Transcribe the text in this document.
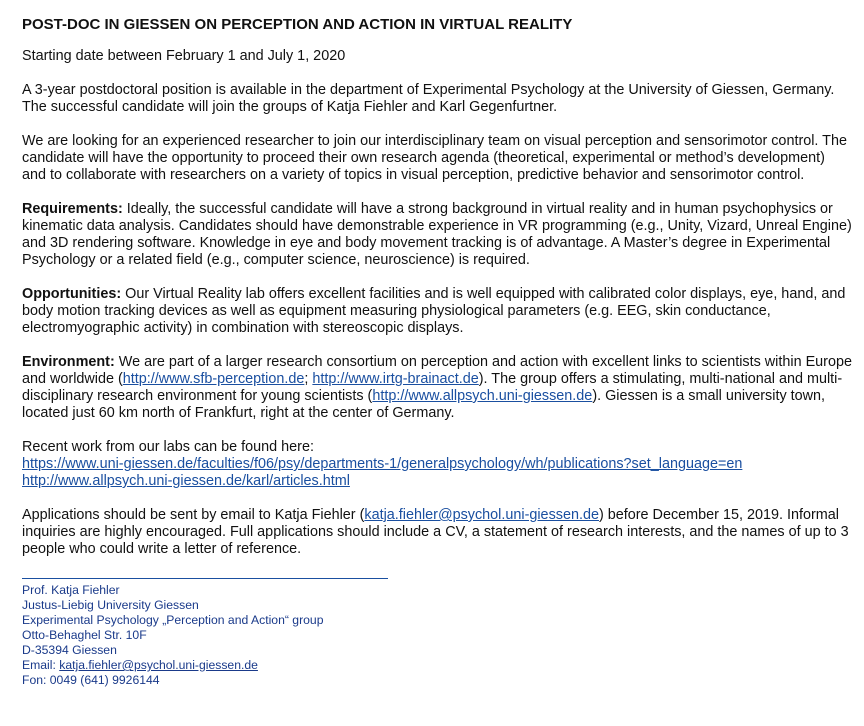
POST-DOC IN GIESSEN ON PERCEPTION AND ACTION IN VIRTUAL REALITY

Starting date between February 1 and July 1, 2020

A 3-year postdoctoral position is available in the department of Experimental Psychology at the University of Giessen, Germany. The successful candidate will join the groups of Katja Fiehler and Karl Gegenfurtner.

We are looking for an experienced researcher to join our interdisciplinary team on visual perception and sensorimotor control. The candidate will have the opportunity to proceed their own research agenda (theoretical, experimental or method’s development) and to collaborate with researchers on a variety of topics in visual perception, predictive behavior and sensorimotor control.

Requirements: Ideally, the successful candidate will have a strong background in virtual reality and in human psychophysics or kinematic data analysis. Candidates should have demonstrable experience in VR programming (e.g., Unity, Vizard, Unreal Engine) and 3D rendering software. Knowledge in eye and body movement tracking is of advantage. A Master’s degree in Experimental Psychology or a related field (e.g., computer science, neuroscience) is required.

Opportunities: Our Virtual Reality lab offers excellent facilities and is well equipped with calibrated color displays, eye, hand, and body motion tracking devices as well as equipment measuring physiological parameters (e.g. EEG, skin conductance, electromyographic activity) in combination with stereoscopic displays.

Environment: We are part of a larger research consortium on perception and action with excellent links to scientists within Europe and worldwide (http://www.sfb-perception.de; http://www.irtg-brainact.de). The group offers a stimulating, multi-national and multi-disciplinary research environment for young scientists (http://www.allpsych.uni-giessen.de). Giessen is a small university town, located just 60 km north of Frankfurt, right at the center of Germany.

Recent work from our labs can be found here:
https://www.uni-giessen.de/faculties/f06/psy/departments-1/generalpsychology/wh/publications?set_language=en
http://www.allpsych.uni-giessen.de/karl/articles.html

Applications should be sent by email to Katja Fiehler (katja.fiehler@psychol.uni-giessen.de) before December 15, 2019. Informal inquiries are highly encouraged. Full applications should include a CV, a statement of research interests, and the names of up to 3 people who could write a letter of reference.

Prof. Katja Fiehler
Justus-Liebig University Giessen
Experimental Psychology „Perception and Action“ group
Otto-Behaghel Str. 10F
D-35394 Giessen
Email: katja.fiehler@psychol.uni-giessen.de
Fon: 0049 (641) 9926144
